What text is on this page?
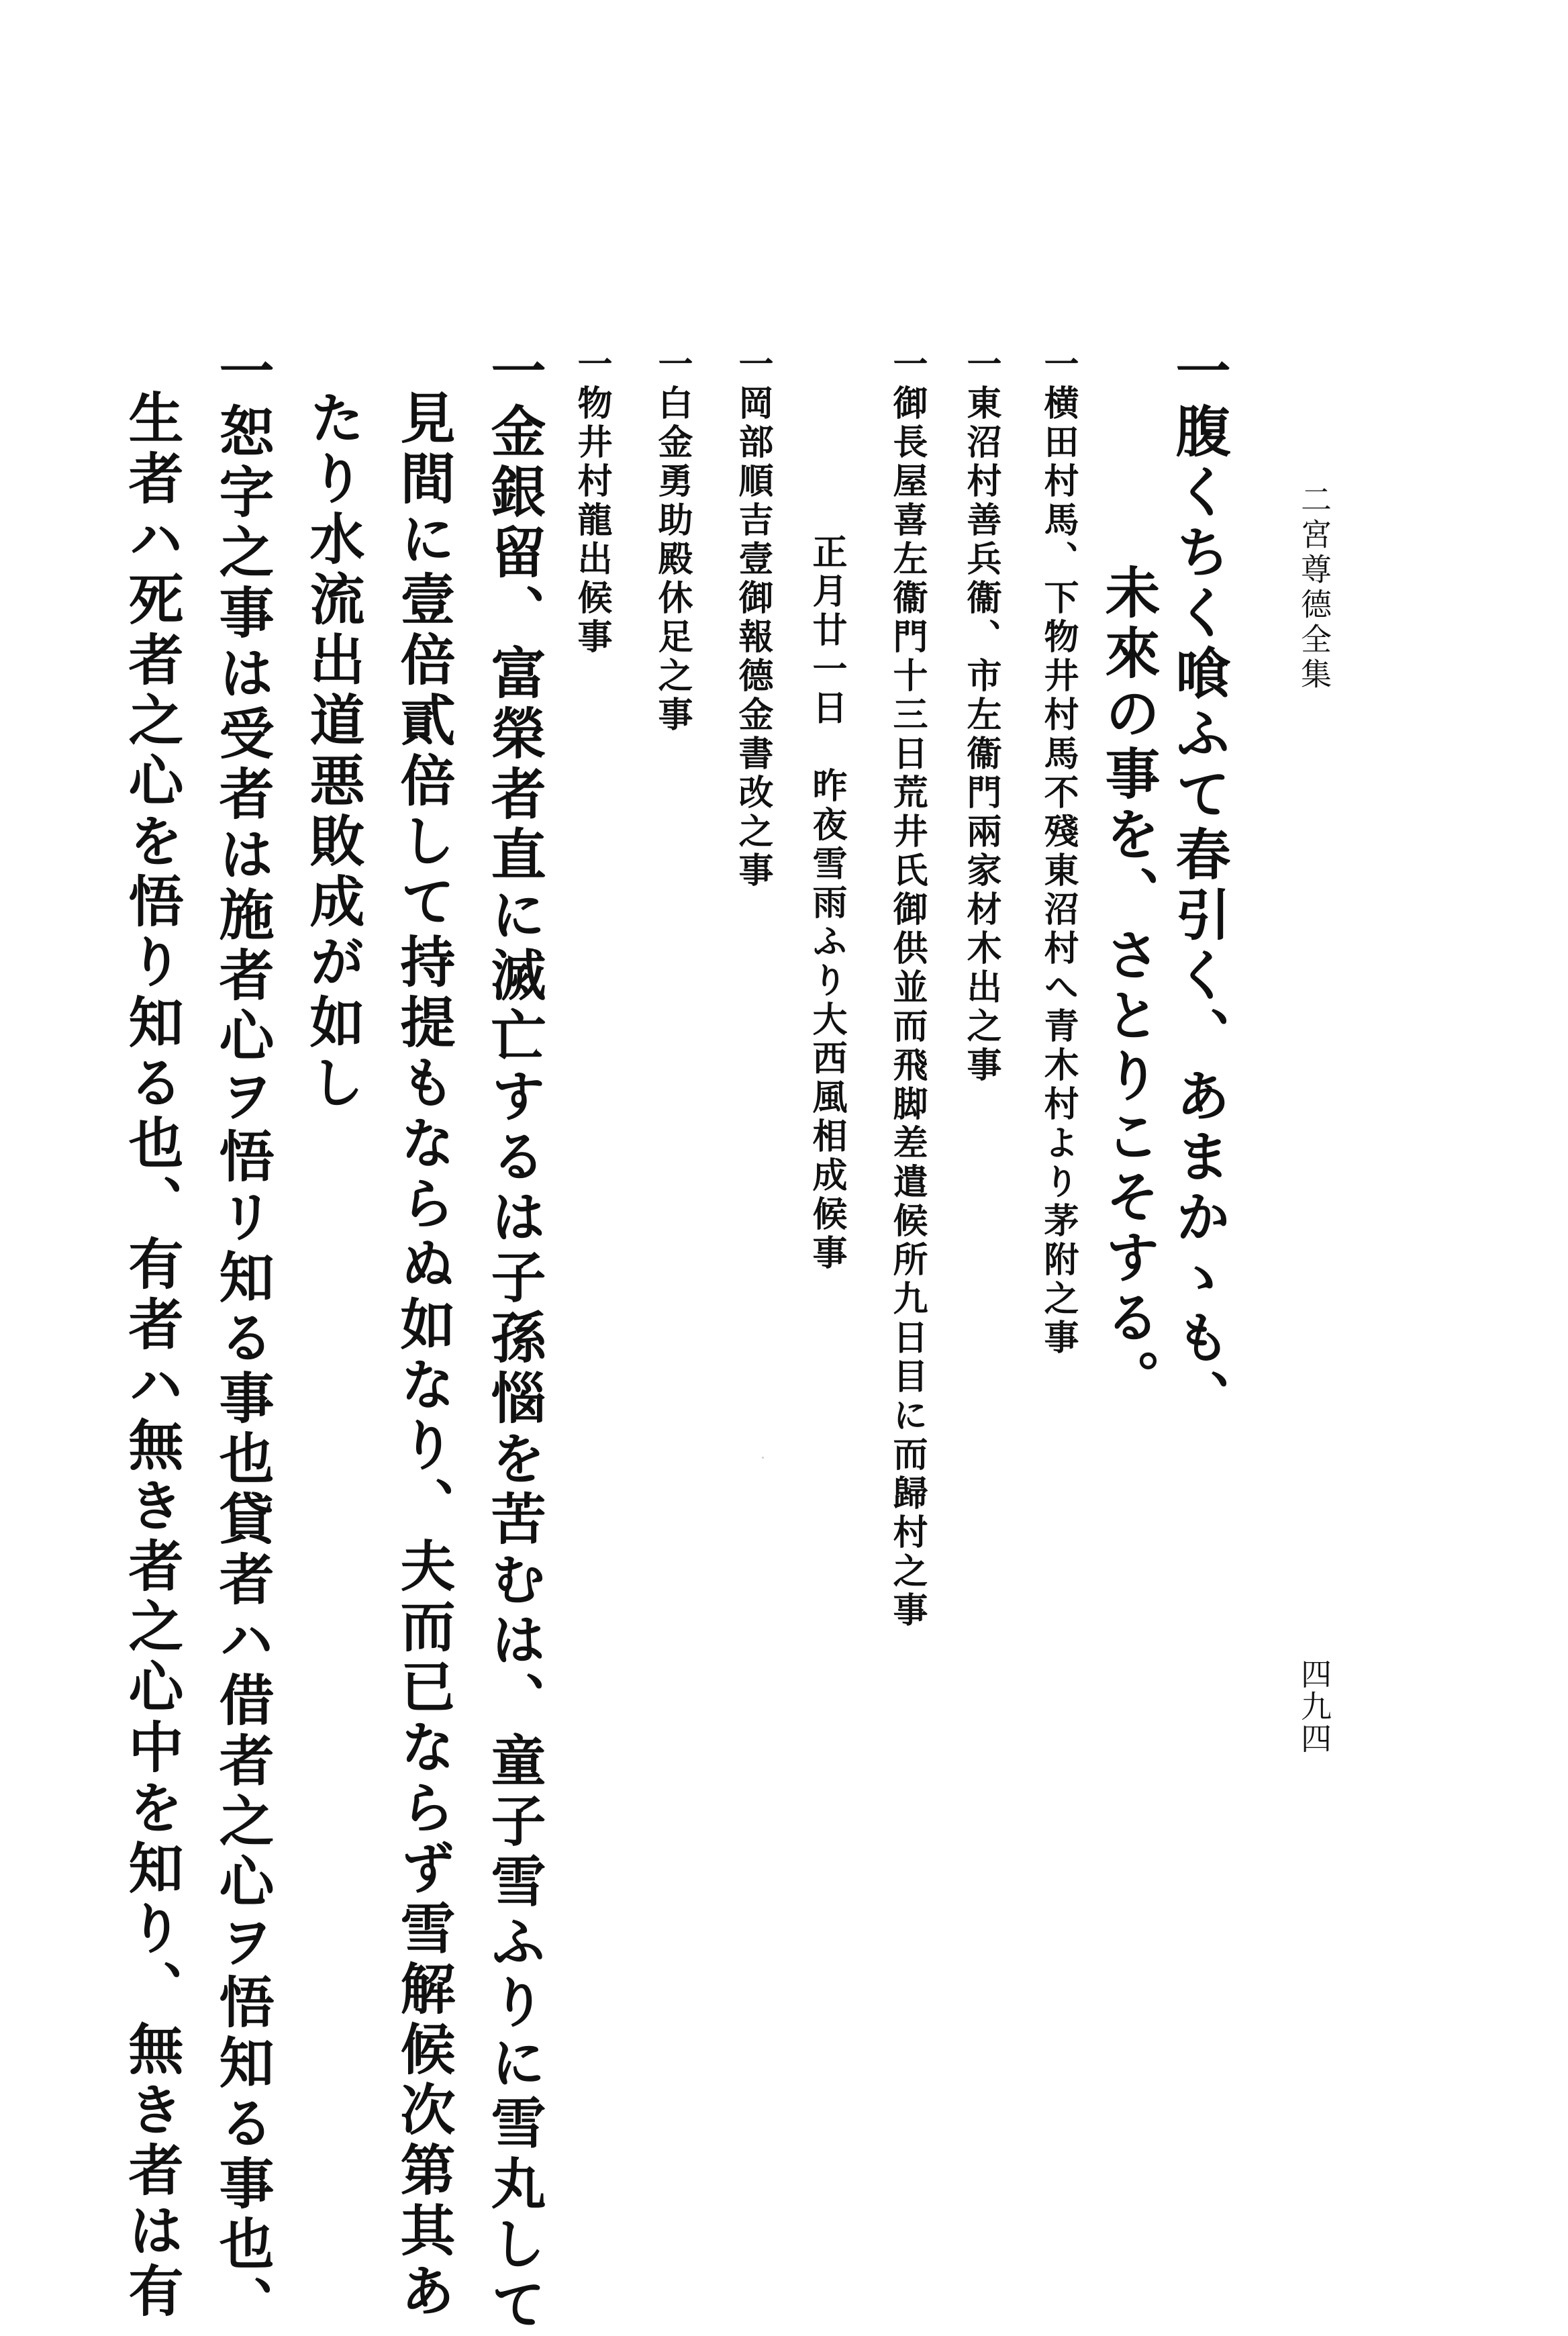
二宮尊德全集
四九四
一腹くちく喰ふて春引く、あまかゝも、
未來の事を、さとりこそする。
一横田村馬、下物井村馬不殘東沼村へ青木村より茅附之事
一東沼村善兵衞、市左衞門兩家材木出之事
一御長屋喜左衞門十三日荒井氏御供並而飛脚差遣候所九日目に而歸村之事
正月廿一日　昨夜雪雨ふり大西風相成候事
一岡部順吉壹御報德金書改之事
一白金勇助殿休足之事
一物井村龍出候事
一金銀留、富榮者直に滅亡するは子孫惱を苦むは、童子雪ふりに雪丸して
見間に壹倍貳倍して持提もならぬ如なり、夫而已ならず雪解候次第其あ
たり水流出道悪敗成が如し
一恕字之事は受者は施者心ヲ悟リ知る事也貸者ハ借者之心ヲ悟知る事也、
生者ハ死者之心を悟り知る也、有者ハ無き者之心中を知り、無き者は有
